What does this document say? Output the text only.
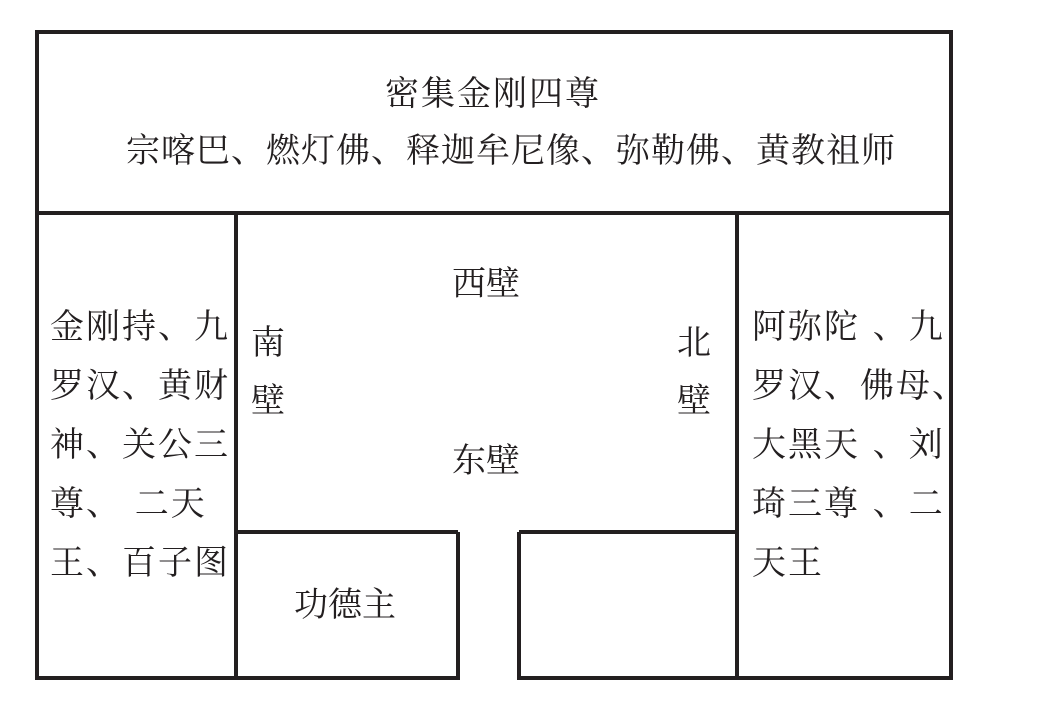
密集金刚四尊
宗喀巴、燃灯佛、释迦牟尼像、弥勒佛、黄教祖师
金刚持、九
罗汉、黄财
神、关公三
尊、 二天
王、百子图
阿弥陀 、九
罗汉、佛母、
大黑天 、刘
琦三尊 、二
天王
西壁
东壁
南壁
北壁
功德主
